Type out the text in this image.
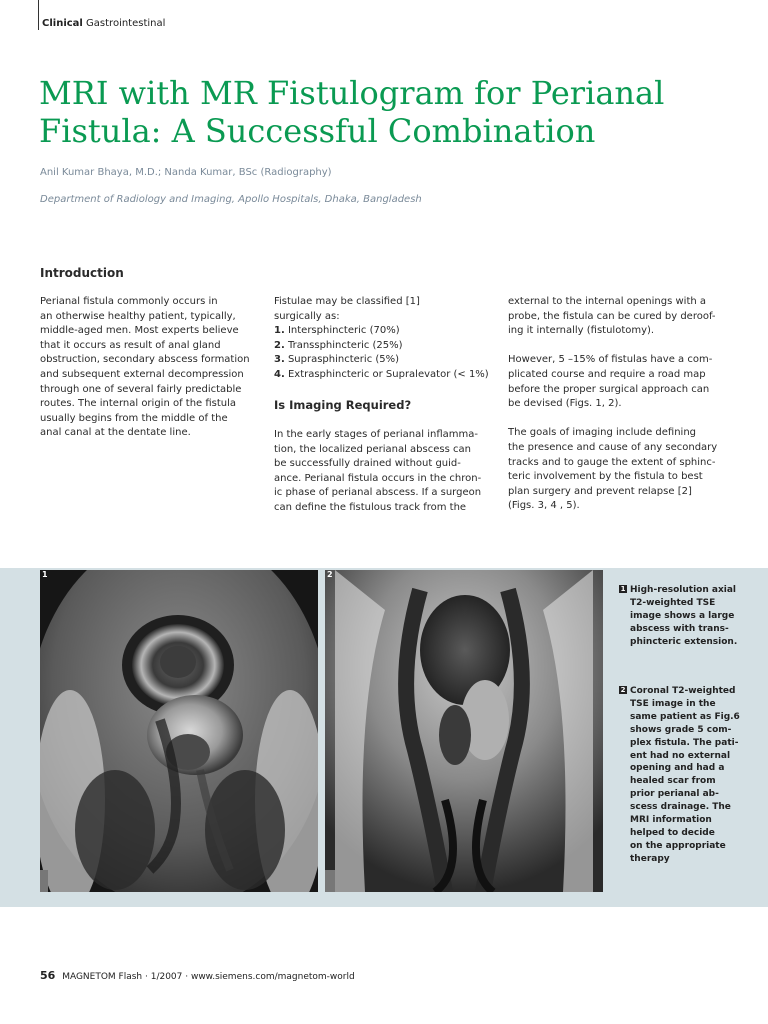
Clinical Gastrointestinal
MRI with MR Fistulogram for Perianal
Fistula: A Successful Combination
Anil Kumar Bhaya, M.D.; Nanda Kumar, BSc (Radiography)
Department of Radiology and Imaging, Apollo Hospitals, Dhaka, Bangladesh
Introduction

Perianal fistula commonly occurs in

an otherwise healthy patient, typically,

middle-aged men. Most experts believe

that it occurs as result of anal gland

obstruction, secondary abscess formation

and subsequent external decompression

through one of several fairly predictable

routes. The internal origin of the fistula

usually begins from the middle of the

anal canal at the dentate line.

Fistulae may be classified [1]

surgically as:

1. Intersphincteric (70%)

2. Transsphincteric (25%)

3. Suprasphincteric (5%)

4. Extrasphincteric or Supralevator (< 1%)

Is Imaging Required?

In the early stages of perianal inflamma-

tion, the localized perianal abscess can

be successfully drained without guid-

ance. Perianal fistula occurs in the chron-

ic phase of perianal abscess. If a surgeon

can define the fistulous track from the

external to the internal openings with a

probe, the fistula can be cured by deroof-

ing it internally (fistulotomy).

However, 5 –15% of fistulas have a com-

plicated course and require a road map

before the proper surgical approach can

be devised (Figs. 1, 2).

The goals of imaging include defining

the presence and cause of any secondary

tracks and to gauge the extent of sphinc-

teric involvement by the fistula to best

plan surgery and prevent relapse [2]

(Figs. 3, 4 , 5).

1	2
1 High-resolution axial
T2-weighted TSE
image shows a large
abscess with trans-
phincteric extension.
2 Coronal T2-weighted
TSE image in the
same patient as Fig.6
shows grade 5 com-
plex fistula. The pati-
ent had no external
opening and had a
healed scar from
prior perianal ab-
scess drainage. The
MRI information
helped to decide
on the appropriate
therapy
56 MAGNETOM Flash · 1/2007 · www.siemens.com/magnetom-world
